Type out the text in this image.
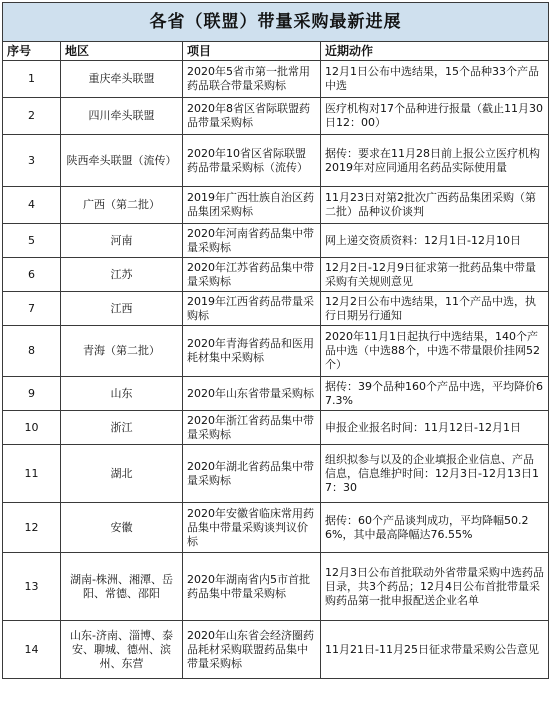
各省（联盟）带量采购最新进展			
序号	地区	项目	近期动作
1	重庆牵头联盟	2020年5省市第一批常用药品联合带量采购标	12月1日公布中选结果，15个品种33个产品中选
2	四川牵头联盟	2020年8省区省际联盟药品带量采购标	医疗机构对17个品种进行报量（截止11月30日12：00）
3	陕西牵头联盟（流传）	2020年10省区省际联盟药品带量采购标（流传）	据传：要求在11月28日前上报公立医疗机构2019年对应同通用名药品实际使用量
4	广西（第二批）	2019年广西壮族自治区药品集团采购标	11月23日对第2批次广西药品集团采购（第二批）品种议价谈判
5	河南	2020年河南省药品集中带量采购标	网上递交资质资料：12月1日-12月10日
6	江苏	2020年江苏省药品集中带量采购标	12月2日-12月9日征求第一批药品集中带量采购有关规则意见
7	江西	2019年江西省药品带量采购标	12月2日公布中选结果，11个产品中选，执行日期另行通知
8	青海（第二批）	2020年青海省药品和医用耗材集中采购标	2020年11月1日起执行中选结果，140个产品中选（中选88个，中选不带量限价挂网52个）
9	山东	2020年山东省带量采购标	据传：39个品种160个产品中选，平均降价67.3%
10	浙江	2020年浙江省药品集中带量采购标	申报企业报名时间：11月12日-12月1日
11	湖北	2020年湖北省药品集中带量采购标	组织拟参与以及的企业填报企业信息、产品信息，信息维护时间：12月3日-12月13日17：30
12	安徽	2020年安徽省临床常用药品集中带量采购谈判议价标	据传：60个产品谈判成功，平均降幅50.26%，其中最高降幅达76.55%
13	湖南-株洲、湘潭、岳阳、常德、邵阳	2020年湖南省内5市首批药品集中带量采购标	12月3日公布首批联动外省带量采购中选药品目录，共3个药品；12月4日公布首批带量采购药品第一批申报配送企业名单
14	山东-济南、淄博、泰安、聊城、德州、滨州、东营	2020年山东省会经济圈药品耗材采购联盟药品集中带量采购标	11月21日-11月25日征求带量采购公告意见
